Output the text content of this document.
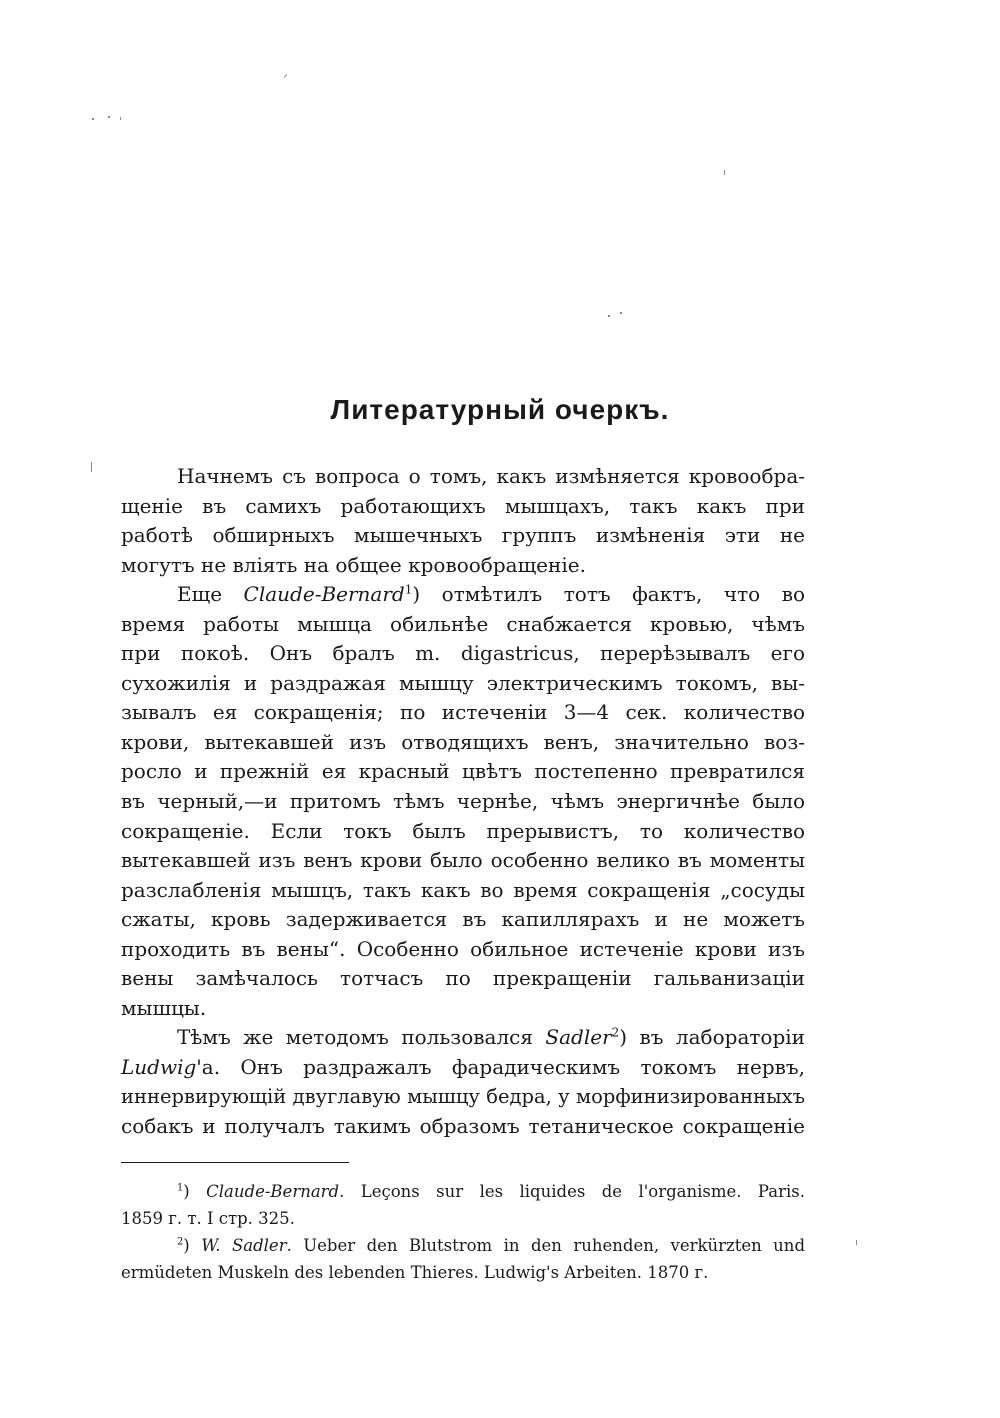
Литературный очеркъ.
Начнемъ съ вопроса о томъ, какъ измѣняется кровообра-
щеніе въ самихъ работающихъ мышцахъ, такъ какъ при
работѣ обширныхъ мышечныхъ группъ измѣненія эти не
могутъ не влiять на общее кровообращеніе.
Еще Claude-Bernard$^1$) отмѣтилъ тотъ фактъ, что во
время работы мышца обильнѣе снабжается кровью, чѣмъ
при покоѣ. Онъ бралъ m. digastricus, перерѣзывалъ его
сухожилія и раздражая мышцу электрическимъ токомъ, вы-
зывалъ ея сокращенія; по истеченіи 3—4 сек. количество
крови, вытекавшей изъ отводящихъ венъ, значительно воз-
росло и прежній ея красный цвѣтъ постепенно превратился
въ черный,—и притомъ тѣмъ чернѣе, чѣмъ энергичнѣе было
сокращеніе. Если токъ былъ прерывистъ, то количество
вытекавшей изъ венъ крови было особенно велико въ моменты
разслабленія мышцъ, такъ какъ во время сокращенія „сосуды
сжаты, кровь задерживается въ капиллярахъ и не можетъ
проходить въ вены“. Особенно обильное истеченіе крови изъ
вены замѣчалось тотчасъ по прекращеніи гальванизаціи
мышцы.
Тѣмъ же методомъ пользовался Sadler$^2$) въ лабораторіи
Ludwig'а. Онъ раздражалъ фарадическимъ токомъ нервъ,
иннервирующій двуглавую мышцу бедра, у морфинизированныхъ
собакъ и получалъ такимъ образомъ тетаническое сокращеніе
$^1$) Claude-Bernard. Leçons sur les liquides de l'organisme. Paris.
1859 г. т. I стр. 325.
$^2$) W. Sadler. Ueber den Blutstrom in den ruhenden, verkürzten und
ermüdeten Muskeln des lebenden Thieres. Ludwig's Arbeiten. 1870 г.
